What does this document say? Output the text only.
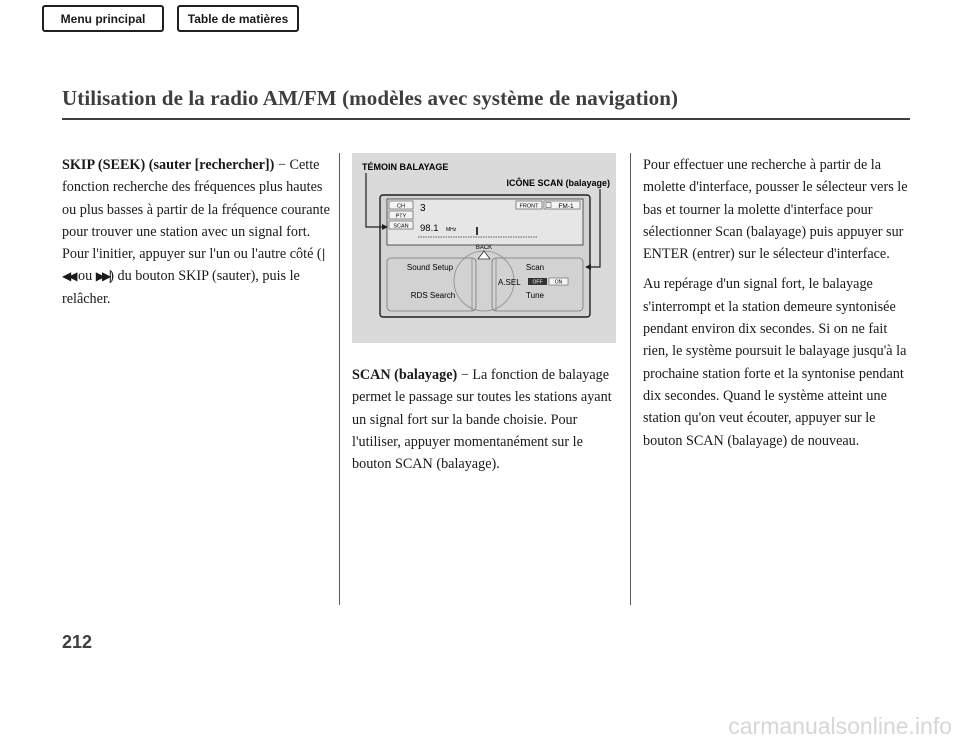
Menu principal	Table de matières
Utilisation de la radio AM/FM (modèles avec système de navigation)

SKIP (SEEK) (sauter [rechercher]) − Cette fonction recherche des fréquences plus hautes ou plus basses à partir de la fréquence courante pour trouver une station avec un signal fort. Pour l'initier, appuyer sur l'un ou l'autre côté (|◀◀ ou ▶▶|) du bouton SKIP (sauter), puis le relâcher.

CH
PTY
SCAN
3
98.1 MHz
FRONT	FM-1
BACK
Sound Setup	Scan
A.SEL OFF ON
RDS Search	Tune
TÉMOIN BALAYAGE
ICÔNE SCAN (balayage)

SCAN (balayage) − La fonction de balayage permet le passage sur toutes les stations ayant un signal fort sur la bande choisie. Pour l'utiliser, appuyer momentanément sur le bouton SCAN (balayage).

Pour effectuer une recherche à partir de la molette d'interface, pousser le sélecteur vers le bas et tourner la molette d'interface pour sélectionner Scan (balayage) puis appuyer sur ENTER (entrer) sur le sélecteur d'interface.

Au repérage d'un signal fort, le balayage s'interrompt et la station demeure syntonisée pendant environ dix secondes. Si on ne fait rien, le système poursuit le balayage jusqu'à la prochaine station forte et la syntonise pendant dix secondes. Quand le système atteint une station qu'on veut écouter, appuyer sur le bouton SCAN (balayage) de nouveau.

212
carmanualsonline.info
